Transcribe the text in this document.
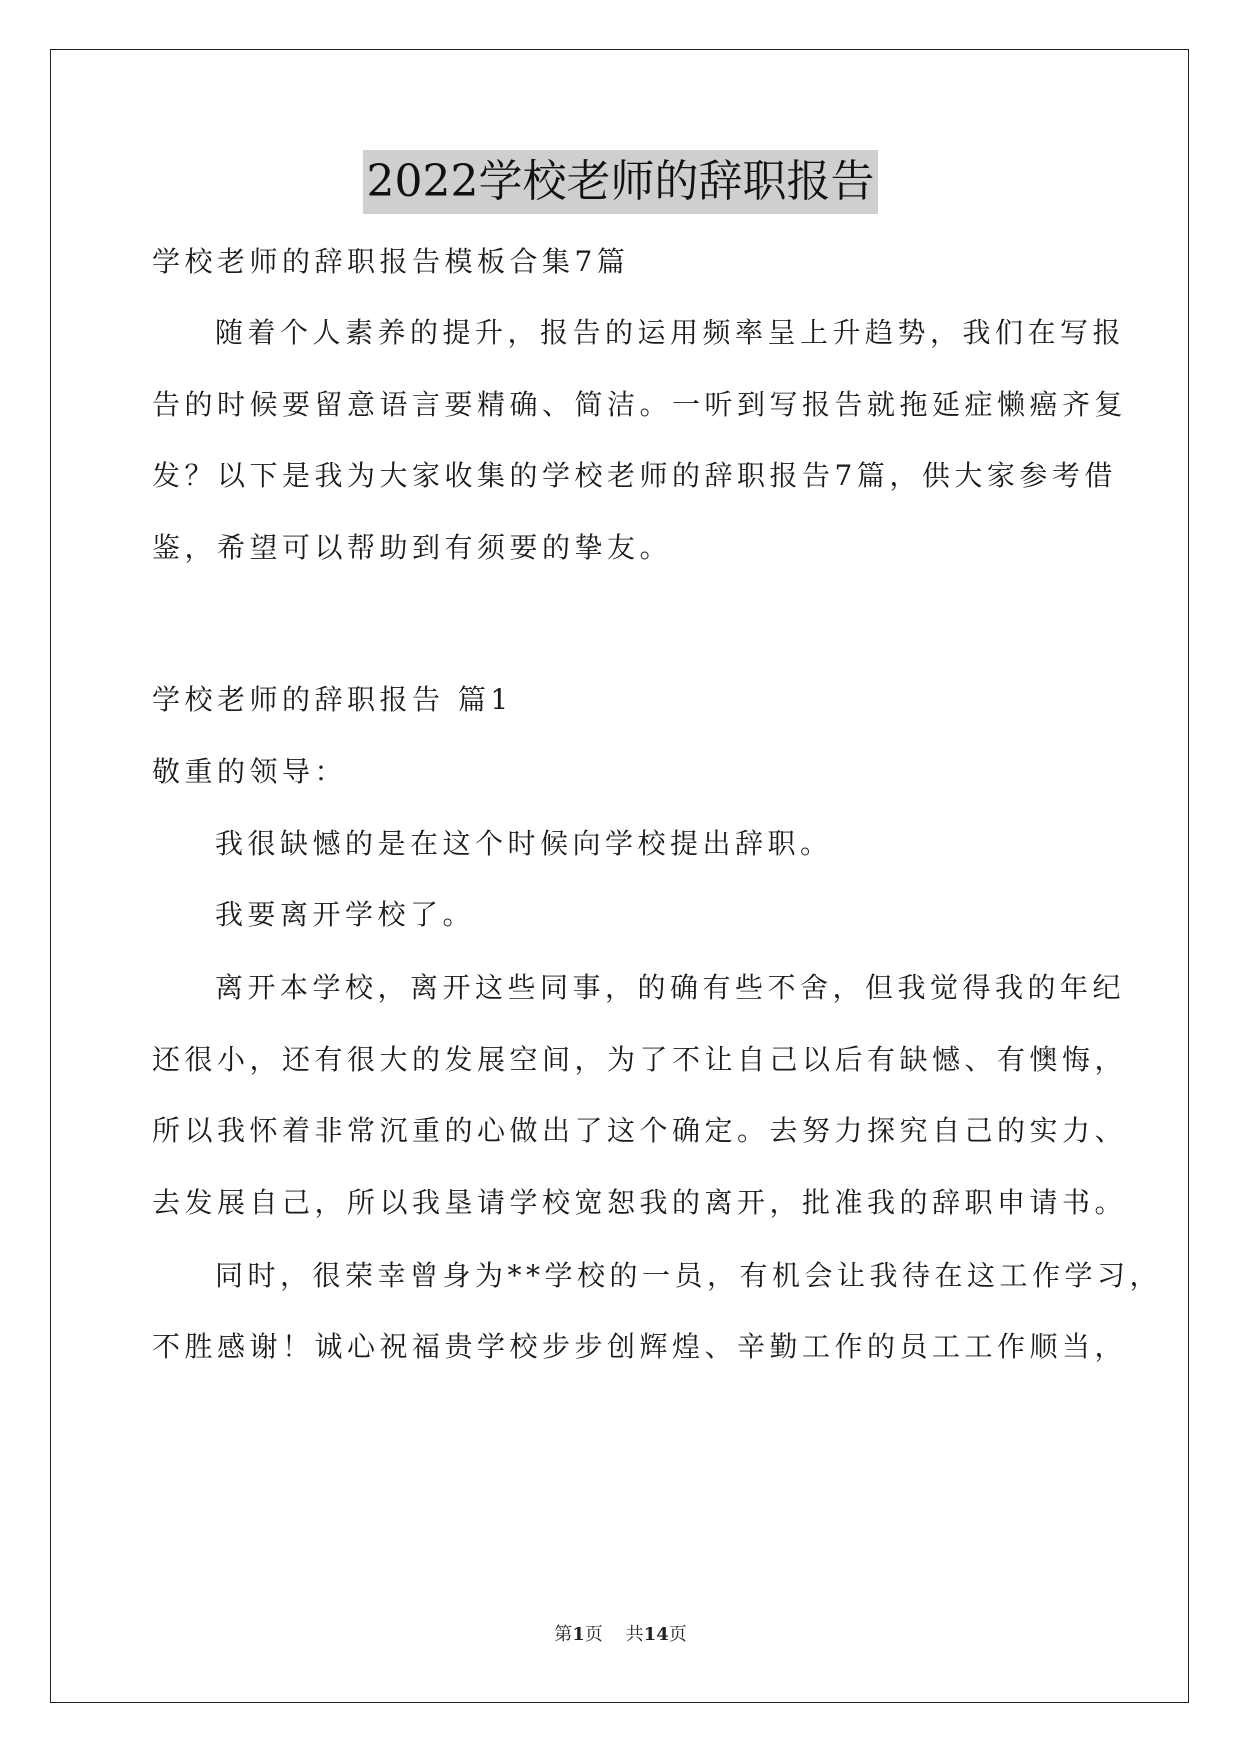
2022学校老师的辞职报告
学校老师的辞职报告模板合集7篇
随着个人素养的提升，报告的运用频率呈上升趋势，我们在写报
告的时候要留意语言要精确、简洁。一听到写报告就拖延症懒癌齐复
发？以下是我为大家收集的学校老师的辞职报告7篇，供大家参考借
鉴，希望可以帮助到有须要的挚友。
学校老师的辞职报告 篇1
敬重的领导：
我很缺憾的是在这个时候向学校提出辞职。
我要离开学校了。
离开本学校，离开这些同事，的确有些不舍，但我觉得我的年纪
还很小，还有很大的发展空间，为了不让自己以后有缺憾、有懊悔，
所以我怀着非常沉重的心做出了这个确定。去努力探究自己的实力、
去发展自己，所以我垦请学校宽恕我的离开，批准我的辞职申请书。
同时，很荣幸曾身为**学校的一员，有机会让我待在这工作学习，
不胜感谢！诚心祝福贵学校步步创辉煌、辛勤工作的员工工作顺当，
第1页 共14页
